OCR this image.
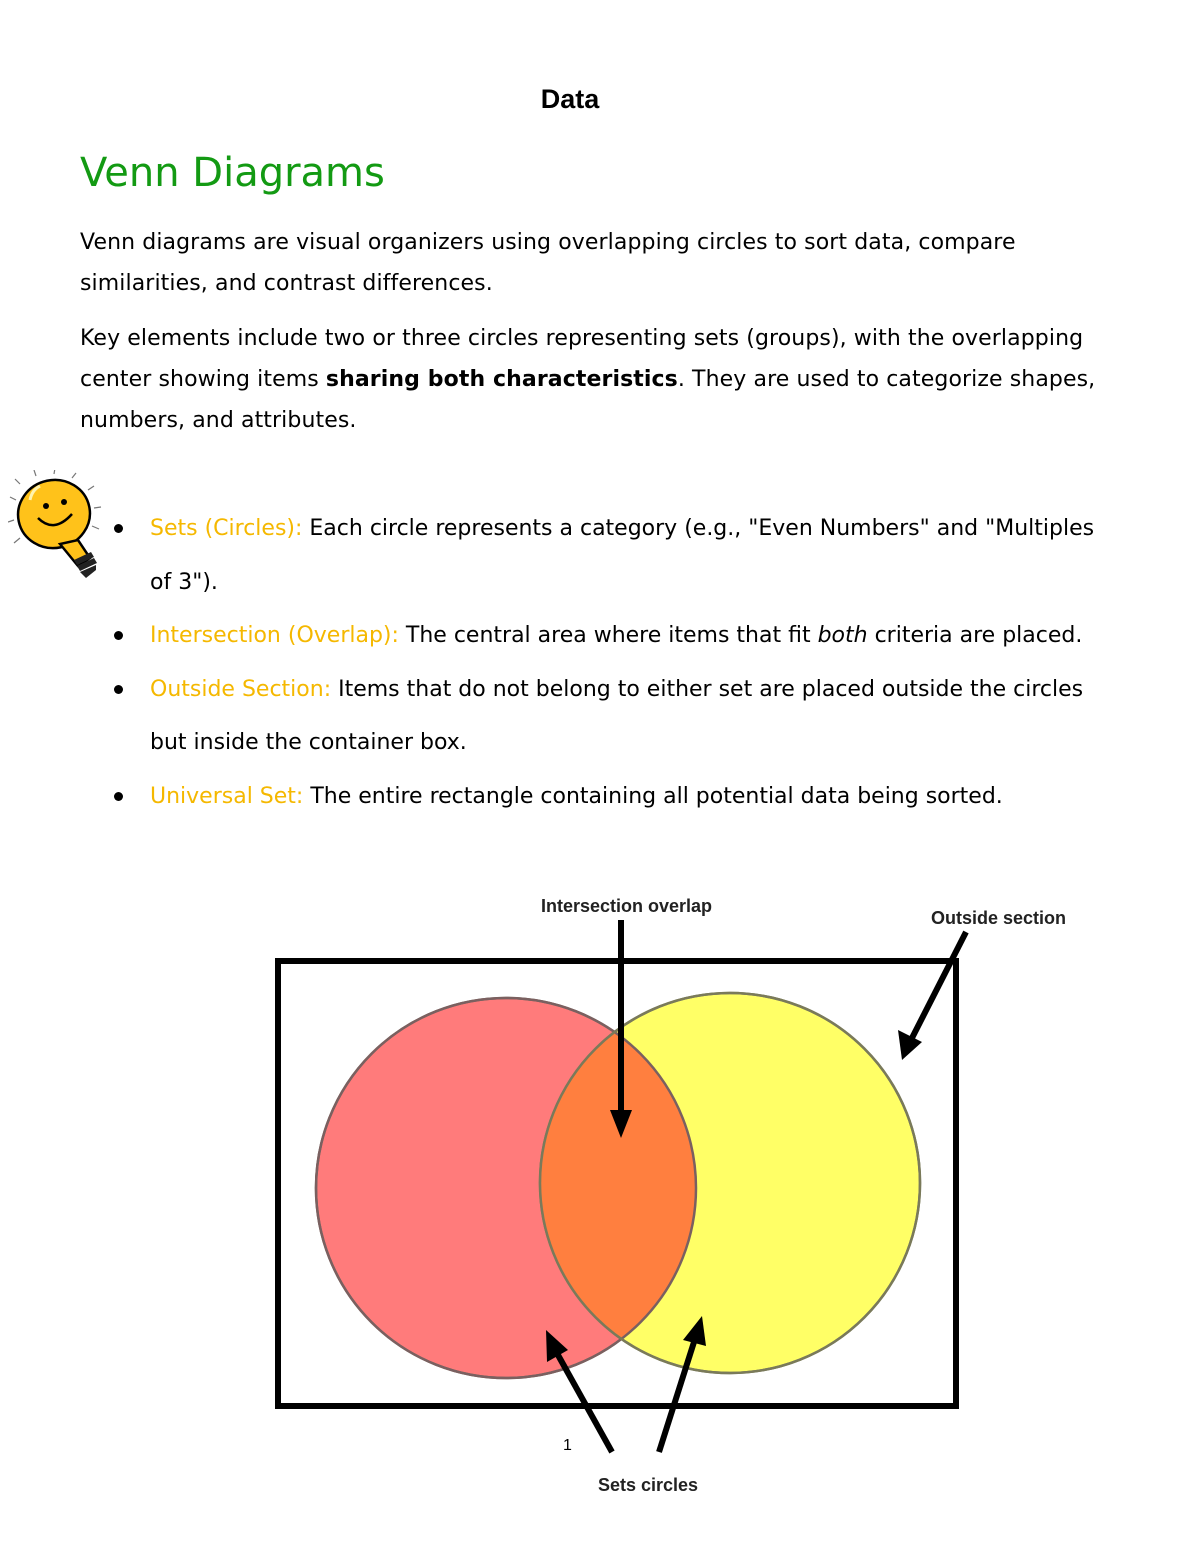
Data
Venn Diagrams

Venn diagrams are visual organizers using overlapping circles to sort data, compare similarities, and contrast differences.

Key elements include two or three circles representing sets (groups), with the overlapping center showing items sharing both characteristics. They are used to categorize shapes, numbers, and attributes.

Sets (Circles): Each circle represents a category (e.g., "Even Numbers" and "Multiples of 3").
Intersection (Overlap): The central area where items that fit both criteria are placed.
Outside Section: Items that do not belong to either set are placed outside the circles but inside the container box.
Universal Set: The entire rectangle containing all potential data being sorted.
Intersection overlap
Outside section
1
Sets circles
